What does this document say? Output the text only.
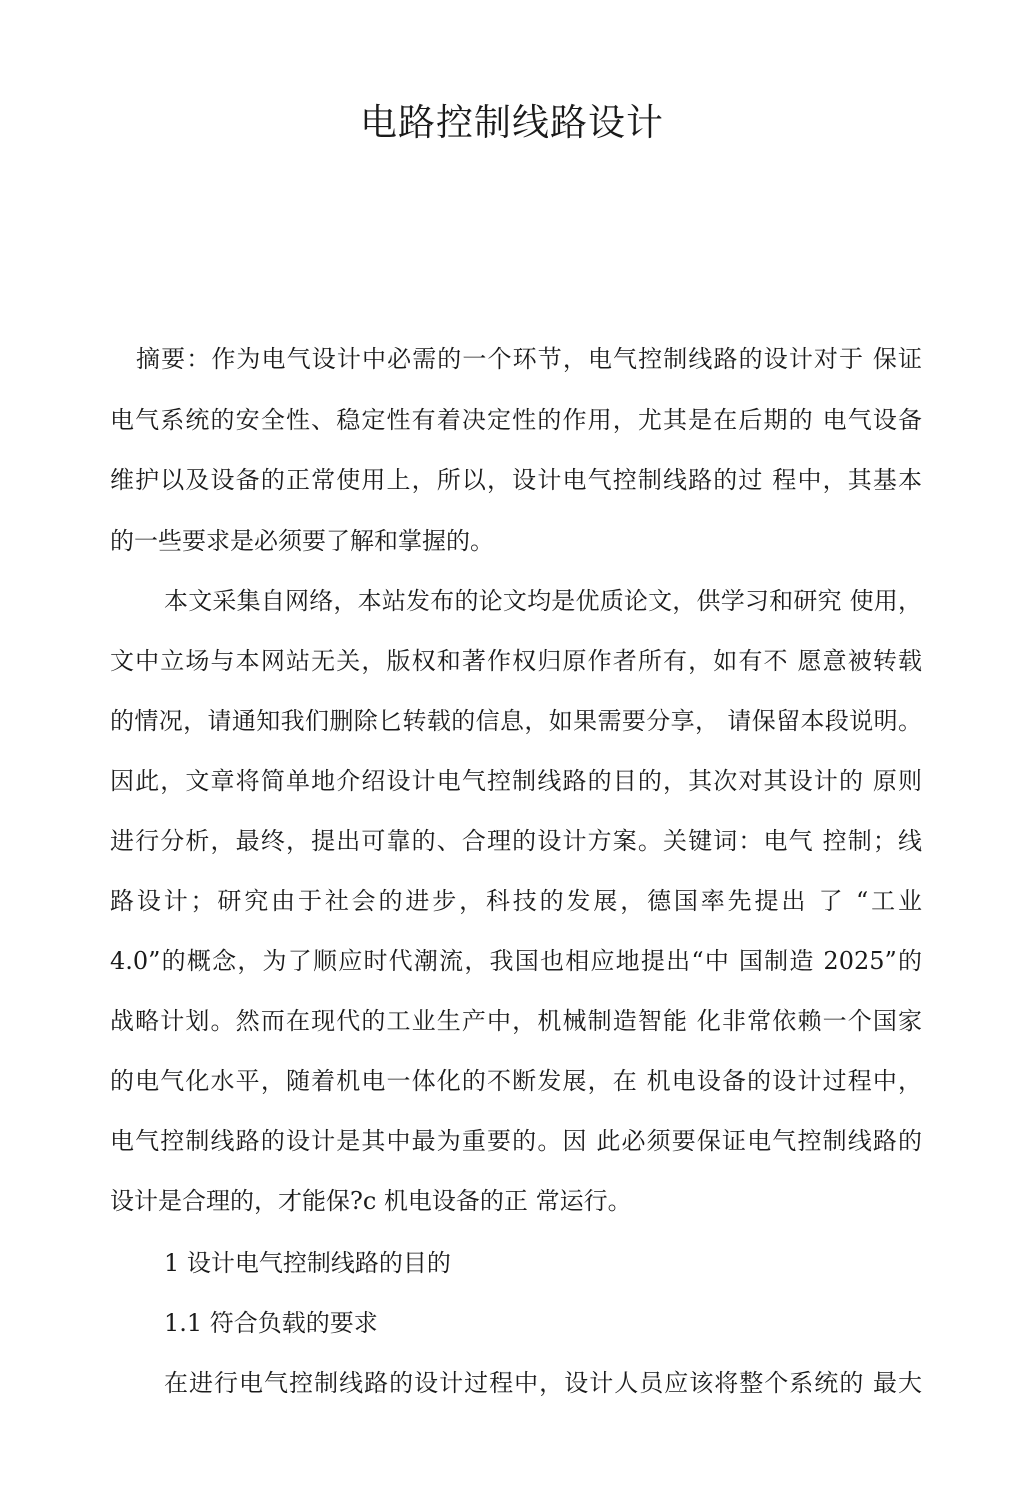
电路控制线路设计

摘要：作为电气设计中必需的一个环节，电气控制线路的设计对于 保证

电气系统的安全性、稳定性有着决定性的作用，尤其是在后期的 电气设备

维护以及设备的正常使用上，所以，设计电气控制线路的过 程中，其基本

的一些要求是必须要了解和掌握的。

本文采集自网络，本站发布的论文均是优质论文，供学习和研究 使用，

文中立场与本网站无关，版权和著作权归原作者所有，如有不 愿意被转载

的情况，请通知我们删除匕转载的信息，如果需要分享， 请保留本段说明。

因此，文章将简单地介绍设计电气控制线路的目的，其次对其设计的 原则

进行分析，最终，提出可靠的、合理的设计方案。关键词：电气 控制；线

路设计；研究由于社会的进步，科技的发展，德国率先提出 了 “工业

4.0”的概念，为了顺应时代潮流，我国也相应地提出“中 国制造 2025”的

战略计划。然而在现代的工业生产中，机械制造智能 化非常依赖一个国家

的电气化水平，随着机电一体化的不断发展，在 机电设备的设计过程中，

电气控制线路的设计是其中最为重要的。因 此必须要保证电气控制线路的

设计是合理的，才能保?c 机电设备的正 常运行。

1 设计电气控制线路的目的

1.1 符合负载的要求

在进行电气控制线路的设计过程中，设计人员应该将整个系统的 最大
